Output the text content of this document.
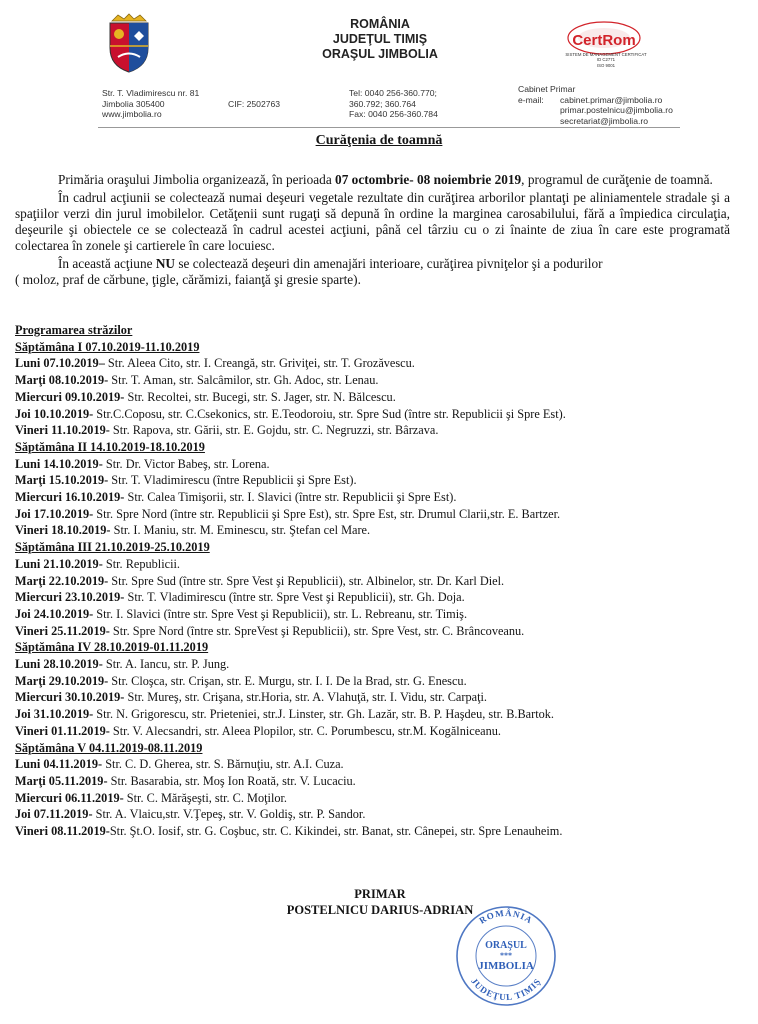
ROMÂNIA
JUDEŢUL TIMIŞ
ORAŞUL JIMBOLIA
CertRom
SISTEM DE MANAGEMENT CERTIFICAT
ID C2771
ISO 9001
Str. T. Vladimirescu nr. 81
Jimbolia 305400
www.jimbolia.ro
CIF: 2502763
Tel: 0040 256-360.770;
360.792; 360.764
Fax: 0040 256-360.784
Cabinet Primar
e-mail:	cabinet.primar@jimbolia.ro
primar.postelnicu@jimbolia.ro
secretariat@jimbolia.ro
Curăţenia de toamnă

Primăria oraşului Jimbolia organizează, în perioada 07 octombrie- 08 noiembrie 2019, programul de curăţenie de toamnă.

În cadrul acţiunii se colectează numai deşeuri vegetale rezultate din curăţirea arborilor plantaţi pe aliniamentele stradale şi a spaţiilor verzi din jurul imobilelor. Cetăţenii sunt rugaţi să depună în ordine la marginea carosabilului, fără a împiedica circulaţia, deşeurile şi obiectele ce se colectează în cadrul acestei acţiuni, până cel târziu cu o zi înainte de ziua în care este programată colectarea în zonele şi cartierele în care locuiesc.

În această acţiune NU se colectează deşeuri din amenajări interioare, curăţirea pivniţelor şi a podurilor
( moloz, praf de cărbune, ţigle, cărămizi, faianţă şi gresie sparte).

Programarea străzilor
Săptămâna I 07.10.2019-11.10.2019
Luni 07.10.2019– Str. Aleea Cito, str. I. Creangă, str. Griviţei, str. T. Grozăvescu.
Marţi 08.10.2019- Str. T. Aman, str. Salcâmilor, str. Gh. Adoc, str. Lenau.
Miercuri 09.10.2019- Str. Recoltei, str. Bucegi, str. S. Jager, str. N. Bălcescu.
Joi 10.10.2019- Str.C.Coposu, str. C.Csekonics, str. E.Teodoroiu, str. Spre Sud (între str. Republicii şi Spre Est).
Vineri 11.10.2019- Str. Rapova, str. Gării, str. E. Gojdu, str. C. Negruzzi, str. Bârzava.
Săptămâna II 14.10.2019-18.10.2019
Luni 14.10.2019- Str. Dr. Victor Babeş, str. Lorena.
Marţi 15.10.2019- Str. T. Vladimirescu (între Republicii şi Spre Est).
Miercuri 16.10.2019- Str. Calea Timişorii, str. I. Slavici (între str. Republicii şi Spre Est).
Joi 17.10.2019- Str. Spre Nord (între str. Republicii şi Spre Est), str. Spre Est, str. Drumul Clarii,str. E. Bartzer.
Vineri 18.10.2019- Str. I. Maniu, str. M. Eminescu, str. Ştefan cel Mare.
Săptămâna III 21.10.2019-25.10.2019
Luni 21.10.2019- Str. Republicii.
Marţi 22.10.2019- Str. Spre Sud (între str. Spre Vest şi Republicii), str. Albinelor, str. Dr. Karl Diel.
Miercuri 23.10.2019- Str. T. Vladimirescu (între str. Spre Vest şi Republicii), str. Gh. Doja.
Joi 24.10.2019- Str. I. Slavici (între str. Spre Vest şi Republicii), str. L. Rebreanu, str. Timiş.
Vineri 25.11.2019- Str. Spre Nord (între str. SpreVest şi Republicii), str. Spre Vest, str. C. Brâncoveanu.
Săptămâna IV 28.10.2019-01.11.2019
Luni 28.10.2019- Str. A. Iancu, str. P. Jung.
Marţi 29.10.2019- Str. Cloşca, str. Crişan, str. E. Murgu, str. I. I. De la Brad, str. G. Enescu.
Miercuri 30.10.2019- Str. Mureş, str. Crişana, str.Horia, str. A. Vlahuţă, str. I. Vidu, str. Carpaţi.
Joi 31.10.2019- Str. N. Grigorescu, str. Prieteniei, str.J. Linster, str. Gh. Lazăr, str. B. P. Haşdeu, str. B.Bartok.
Vineri 01.11.2019- Str. V. Alecsandri, str. Aleea Plopilor, str. C. Porumbescu, str.M. Kogălniceanu.
Săptămâna V 04.11.2019-08.11.2019
Luni 04.11.2019- Str. C. D. Gherea, str. S. Bărnuţiu, str. A.I. Cuza.
Marţi 05.11.2019- Str. Basarabia, str. Moş Ion Roată, str. V. Lucaciu.
Miercuri 06.11.2019- Str. C. Mărăşeşti, str. C. Moţilor.
Joi 07.11.2019- Str. A. Vlaicu,str. V.Ţepeş, str. V. Goldiş, str. P. Sandor.
Vineri 08.11.2019-Str. Şt.O. Iosif, str. G. Coşbuc, str. C. Kikindei, str. Banat, str. Cânepei, str. Spre Lenauheim.
PRIMAR
POSTELNICU DARIUS-ADRIAN
ROMÂNIA
JUDEŢUL TIMIŞ
ORAŞUL
***
JIMBOLIA
